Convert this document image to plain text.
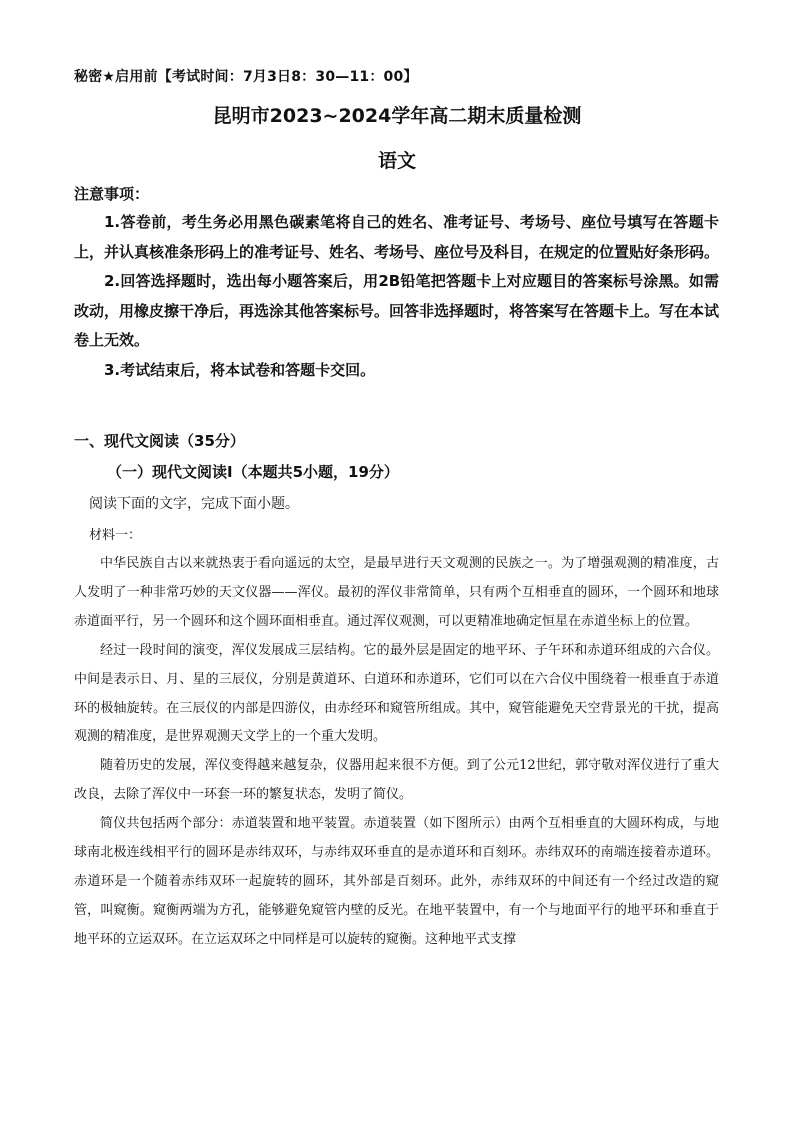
秘密★启用前【考试时间：7月3日8：30—11：00】
昆明市2023~2024学年高二期末质量检测
语文
注意事项：

1.答卷前，考生务必用黑色碳素笔将自己的姓名、准考证号、考场号、座位号填写在答题卡上，并认真核准条形码上的准考证号、姓名、考场号、座位号及科目，在规定的位置贴好条形码。

2.回答选择题时，选出每小题答案后，用2B铅笔把答题卡上对应题目的答案标号涂黑。如需改动，用橡皮擦干净后，再选涂其他答案标号。回答非选择题时，将答案写在答题卡上。写在本试卷上无效。

3.考试结束后，将本试卷和答题卡交回。

一、现代文阅读（35分）
（一）现代文阅读Ⅰ（本题共5小题，19分）
阅读下面的文字，完成下面小题。
材料一：

中华民族自古以来就热衷于看向遥远的太空，是最早进行天文观测的民族之一。为了增强观测的精准度，古人发明了一种非常巧妙的天文仪器——浑仪。最初的浑仪非常简单，只有两个互相垂直的圆环，一个圆环和地球赤道面平行，另一个圆环和这个圆环面相垂直。通过浑仪观测，可以更精准地确定恒星在赤道坐标上的位置。

经过一段时间的演变，浑仪发展成三层结构。它的最外层是固定的地平环、子午环和赤道环组成的六合仪。中间是表示日、月、星的三辰仪，分别是黄道环、白道环和赤道环，它们可以在六合仪中围绕着一根垂直于赤道环的极轴旋转。在三辰仪的内部是四游仪，由赤经环和窥管所组成。其中，窥管能避免天空背景光的干扰，提高观测的精准度，是世界观测天文学上的一个重大发明。

随着历史的发展，浑仪变得越来越复杂，仪器用起来很不方便。到了公元12世纪，郭守敬对浑仪进行了重大改良，去除了浑仪中一环套一环的繁复状态，发明了简仪。

简仪共包括两个部分：赤道装置和地平装置。赤道装置（如下图所示）由两个互相垂直的大圆环构成，与地球南北极连线相平行的圆环是赤纬双环，与赤纬双环垂直的是赤道环和百刻环。赤纬双环的南端连接着赤道环。赤道环是一个随着赤纬双环一起旋转的圆环，其外部是百刻环。此外，赤纬双环的中间还有一个经过改造的窥管，叫窥衡。窥衡两端为方孔，能够避免窥管内壁的反光。在地平装置中，有一个与地面平行的地平环和垂直于地平环的立运双环。在立运双环之中同样是可以旋转的窥衡。这种地平式支撑
